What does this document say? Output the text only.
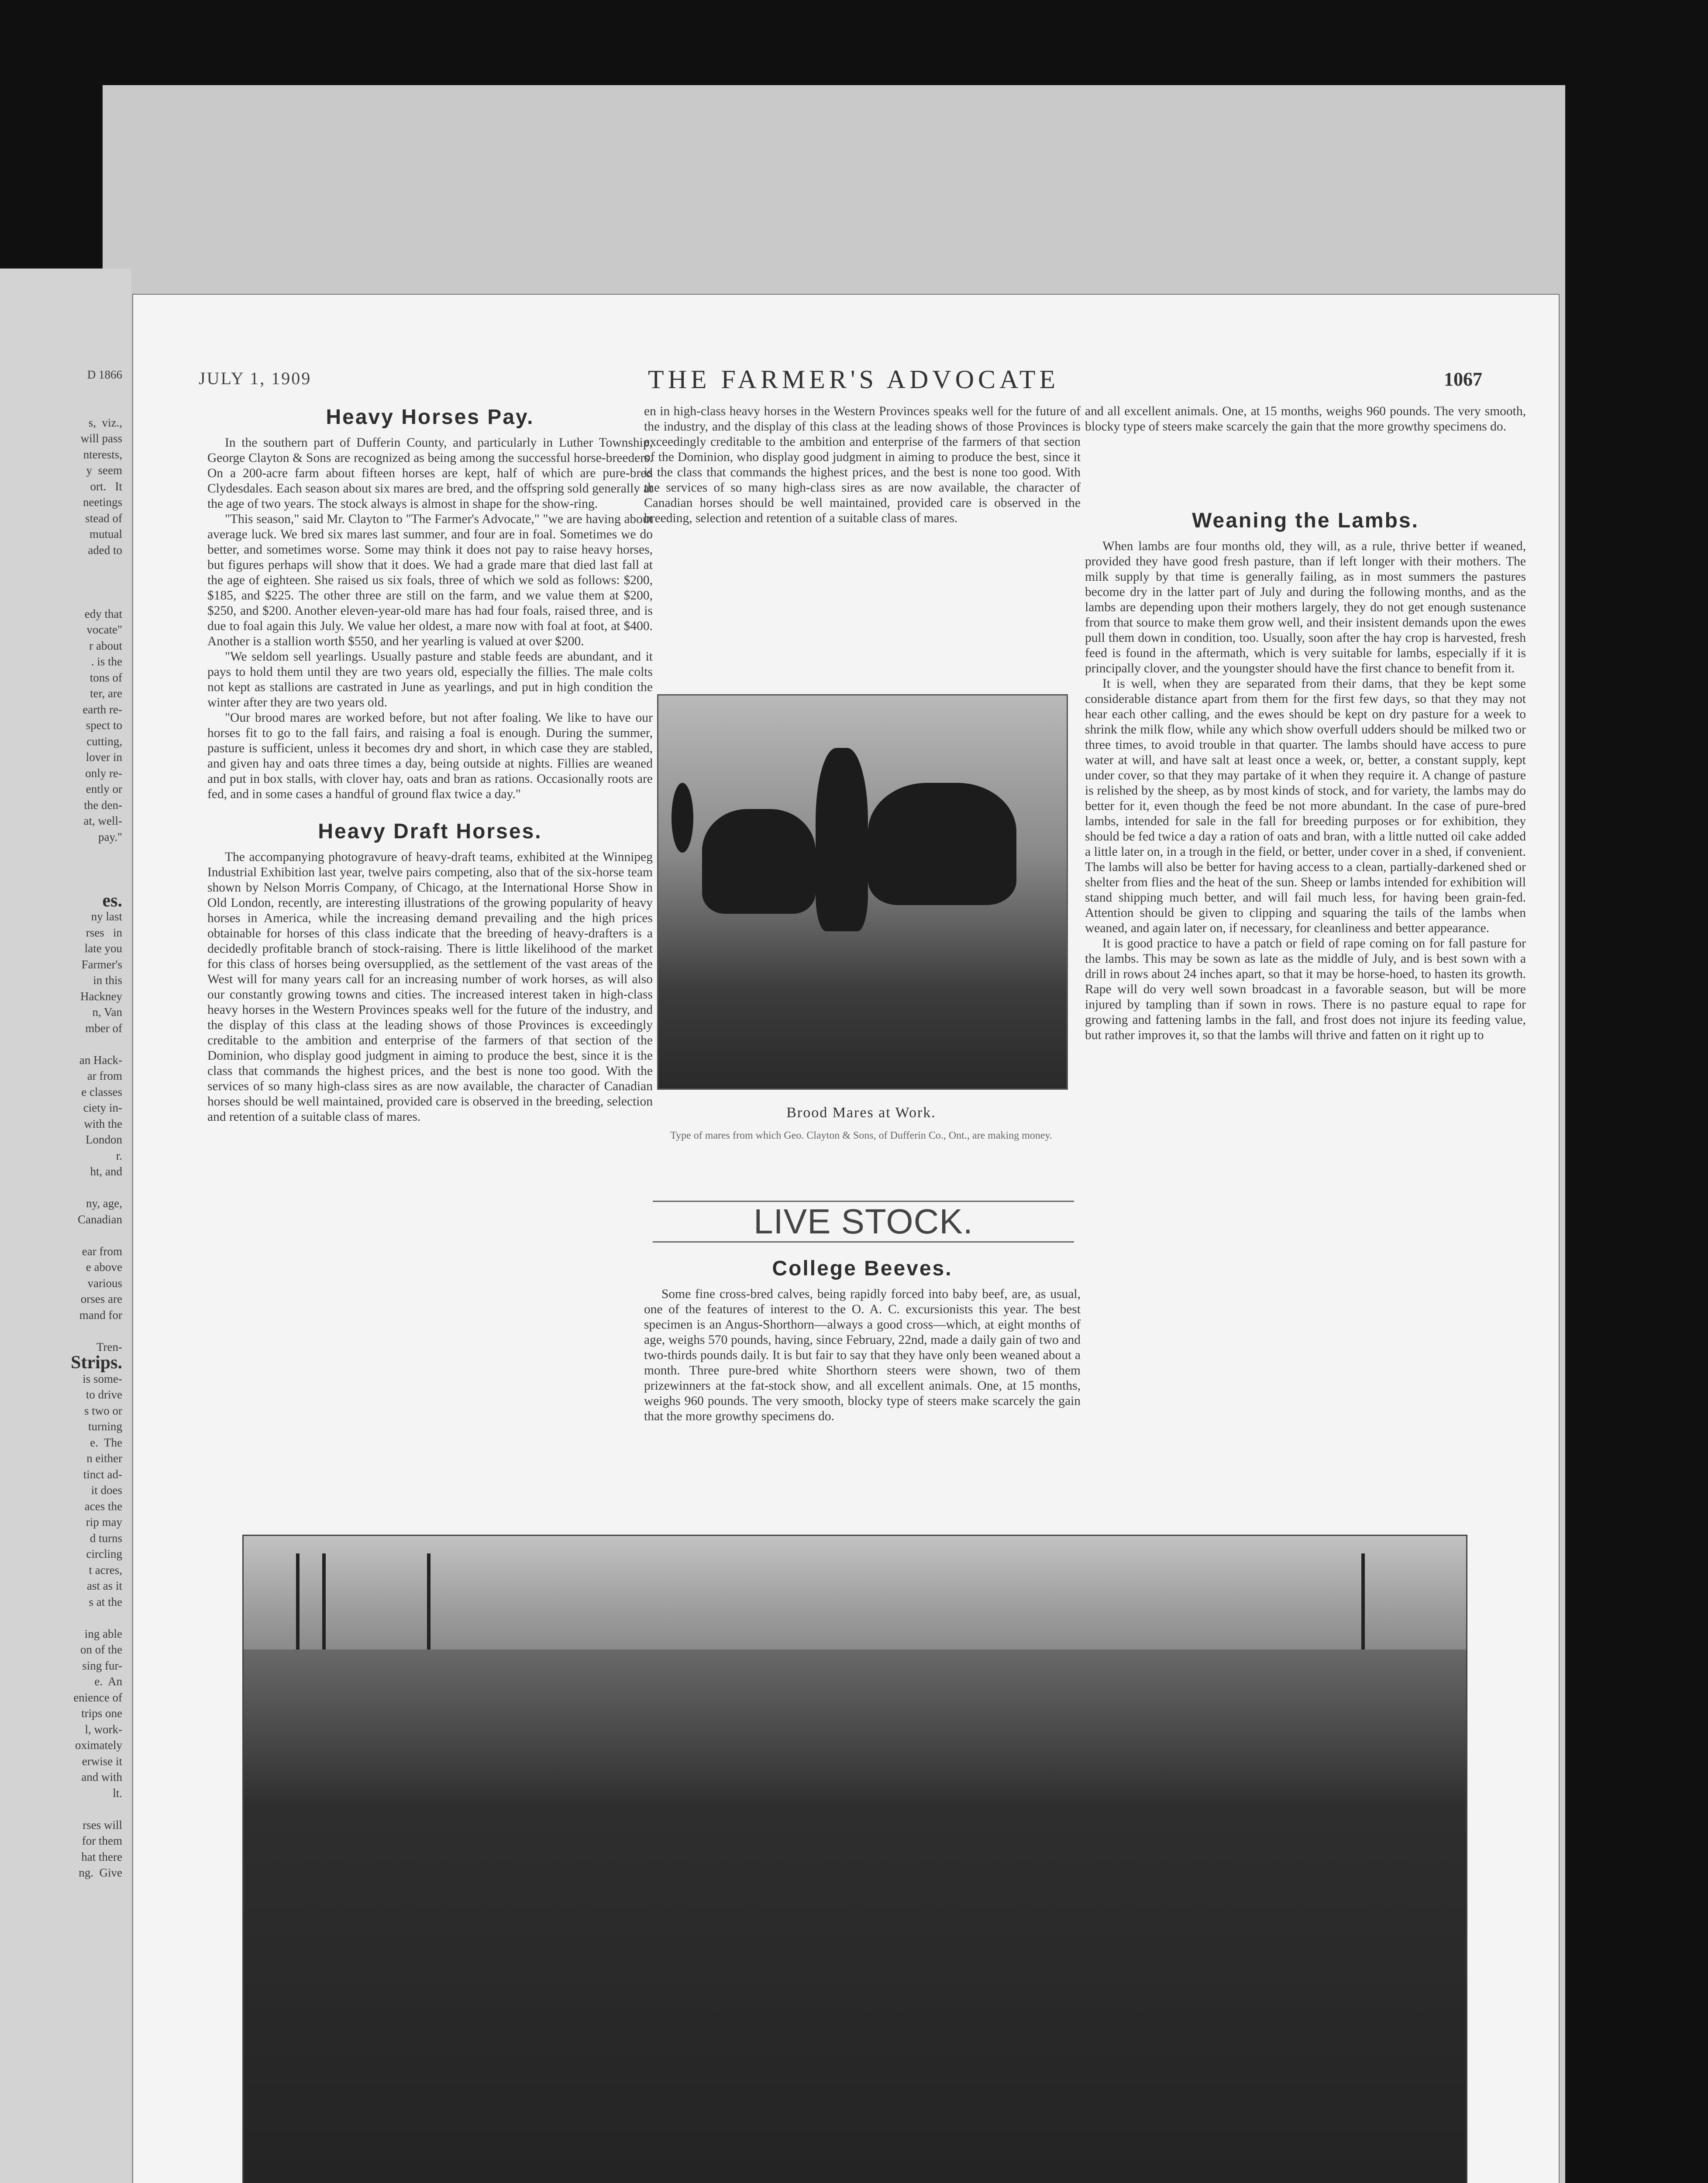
D 1866

s,  viz.,
will pass
nterests,
y  seem
ort.   It
neetings
stead of
mutual
aded to

edy that
vocate"
r about
. is the
tons of
ter, are
earth re-
spect to
cutting,
lover in
only re-
ently or
the den-
at, well-
pay."

es.
ny last
rses   in
late you
Farmer's
in this
Hackney
n, Van
mber of

an Hack-
ar from
e classes
ciety in-
with the
London
r.
ht, and

ny, age,
Canadian

ear from
e above
various
orses are
mand for

Tren-
Strips.
is some-
to drive
s two or
turning
e.  The
n either
tinct ad-
it does
aces the
rip may
d turns
circling
t acres,
ast as it
s at the

ing able
on of the
sing fur-
e.  An
enience of
trips one
l, work-
oximately
erwise it
and with
lt.

rses will
for them
hat there
ng.  Give
JULY 1, 1909	THE FARMER'S ADVOCATE	1067
Heavy Horses Pay.

In the southern part of Dufferin County, and particularly in Luther Township, George Clayton & Sons are recognized as being among the successful horse-breeders. On a 200-acre farm about fifteen horses are kept, half of which are pure-bred Clydesdales. Each season about six mares are bred, and the offspring sold generally at the age of two years. The stock always is almost in shape for the show-ring.

"This season," said Mr. Clayton to "The Farmer's Advocate," "we are having about average luck. We bred six mares last summer, and four are in foal. Sometimes we do better, and sometimes worse. Some may think it does not pay to raise heavy horses, but figures perhaps will show that it does. We had a grade mare that died last fall at the age of eighteen. She raised us six foals, three of which we sold as follows: $200, $185, and $225. The other three are still on the farm, and we value them at $200, $250, and $200. Another eleven-year-old mare has had four foals, raised three, and is due to foal again this July. We value her oldest, a mare now with foal at foot, at $400. Another is a stallion worth $550, and her yearling is valued at over $200.

"We seldom sell yearlings. Usually pasture and stable feeds are abundant, and it pays to hold them until they are two years old, especially the fillies. The male colts not kept as stallions are castrated in June as yearlings, and put in high condition the winter after they are two years old.

"Our brood mares are worked before, but not after foaling. We like to have our horses fit to go to the fall fairs, and raising a foal is enough. During the summer, pasture is sufficient, unless it becomes dry and short, in which case they are stabled, and given hay and oats three times a day, being outside at nights. Fillies are weaned and put in box stalls, with clover hay, oats and bran as rations. Occasionally roots are fed, and in some cases a handful of ground flax twice a day."

Heavy Draft Horses.

The accompanying photogravure of heavy-draft teams, exhibited at the Winnipeg Industrial Exhibition last year, twelve pairs competing, also that of the six-horse team shown by Nelson Morris Company, of Chicago, at the International Horse Show in Old London, recently, are interesting illustrations of the growing popularity of heavy horses in America, while the increasing demand prevailing and the high prices obtainable for horses of this class indicate that the breeding of heavy-drafters is a decidedly profitable branch of stock-raising. There is little likelihood of the market for this class of horses being oversupplied, as the settlement of the vast areas of the West will for many years call for an increasing number of work horses, as will also our constantly growing towns and cities. The increased interest taken in high-class heavy horses in the Western Provinces speaks well for the future of the industry, and the display of this class at the leading shows of those Provinces is exceedingly creditable to the ambition and enterprise of the farmers of that section of the Dominion, who display good judgment in aiming to produce the best, since it is the class that commands the highest prices, and the best is none too good. With the services of so many high-class sires as are now available, the character of Canadian horses should be well maintained, provided care is observed in the breeding, selection and retention of a suitable class of mares.

en in high-class heavy horses in the Western Provinces speaks well for the future of the industry, and the display of this class at the leading shows of those Provinces is exceedingly creditable to the ambition and enterprise of the farmers of that section of the Dominion, who display good judgment in aiming to produce the best, since it is the class that commands the highest prices, and the best is none too good. With the services of so many high-class sires as are now available, the character of Canadian horses should be well maintained, provided care is observed in the breeding, selection and retention of a suitable class of mares.

Brood Mares at Work.
Type of mares from which Geo. Clayton & Sons, of Dufferin Co., Ont., are making money.
LIVE STOCK.
College Beeves.

Some fine cross-bred calves, being rapidly forced into baby beef, are, as usual, one of the features of interest to the O. A. C. excursionists this year. The best specimen is an Angus-Shorthorn—always a good cross—which, at eight months of age, weighs 570 pounds, having, since February, 22nd, made a daily gain of two and two-thirds pounds daily. It is but fair to say that they have only been weaned about a month. Three pure-bred white Shorthorn steers were shown, two of them prizewinners at the fat-stock show, and all excellent animals. One, at 15 months, weighs 960 pounds. The very smooth, blocky type of steers make scarcely the gain that the more growthy specimens do.

and all excellent animals. One, at 15 months, weighs 960 pounds. The very smooth, blocky type of steers make scarcely the gain that the more growthy specimens do.

Weaning the Lambs.

When lambs are four months old, they will, as a rule, thrive better if weaned, provided they have good fresh pasture, than if left longer with their mothers. The milk supply by that time is generally failing, as in most summers the pastures become dry in the latter part of July and during the following months, and as the lambs are depending upon their mothers largely, they do not get enough sustenance from that source to make them grow well, and their insistent demands upon the ewes pull them down in condition, too. Usually, soon after the hay crop is harvested, fresh feed is found in the aftermath, which is very suitable for lambs, especially if it is principally clover, and the youngster should have the first chance to benefit from it.

It is well, when they are separated from their dams, that they be kept some considerable distance apart from them for the first few days, so that they may not hear each other calling, and the ewes should be kept on dry pasture for a week to shrink the milk flow, while any which show overfull udders should be milked two or three times, to avoid trouble in that quarter. The lambs should have access to pure water at will, and have salt at least once a week, or, better, a constant supply, kept under cover, so that they may partake of it when they require it. A change of pasture is relished by the sheep, as by most kinds of stock, and for variety, the lambs may do better for it, even though the feed be not more abundant. In the case of pure-bred lambs, intended for sale in the fall for breeding purposes or for exhibition, they should be fed twice a day a ration of oats and bran, with a little nutted oil cake added a little later on, in a trough in the field, or better, under cover in a shed, if convenient. The lambs will also be better for having access to a clean, partially-darkened shed or shelter from flies and the heat of the sun. Sheep or lambs intended for exhibition will stand shipping much better, and will fail much less, for having been grain-fed. Attention should be given to clipping and squaring the tails of the lambs when weaned, and again later on, if necessary, for cleanliness and better appearance.

It is good practice to have a patch or field of rape coming on for fall pasture for the lambs. This may be sown as late as the middle of July, and is best sown with a drill in rows about 24 inches apart, so that it may be horse-hoed, to hasten its growth. Rape will do very well sown broadcast in a favorable season, but will be more injured by tampling than if sown in rows. There is no pasture equal to rape for growing and fattening lambs in the fall, and frost does not injure its feeding value, but rather improves it, so that the lambs will thrive and fatten on it right up to
